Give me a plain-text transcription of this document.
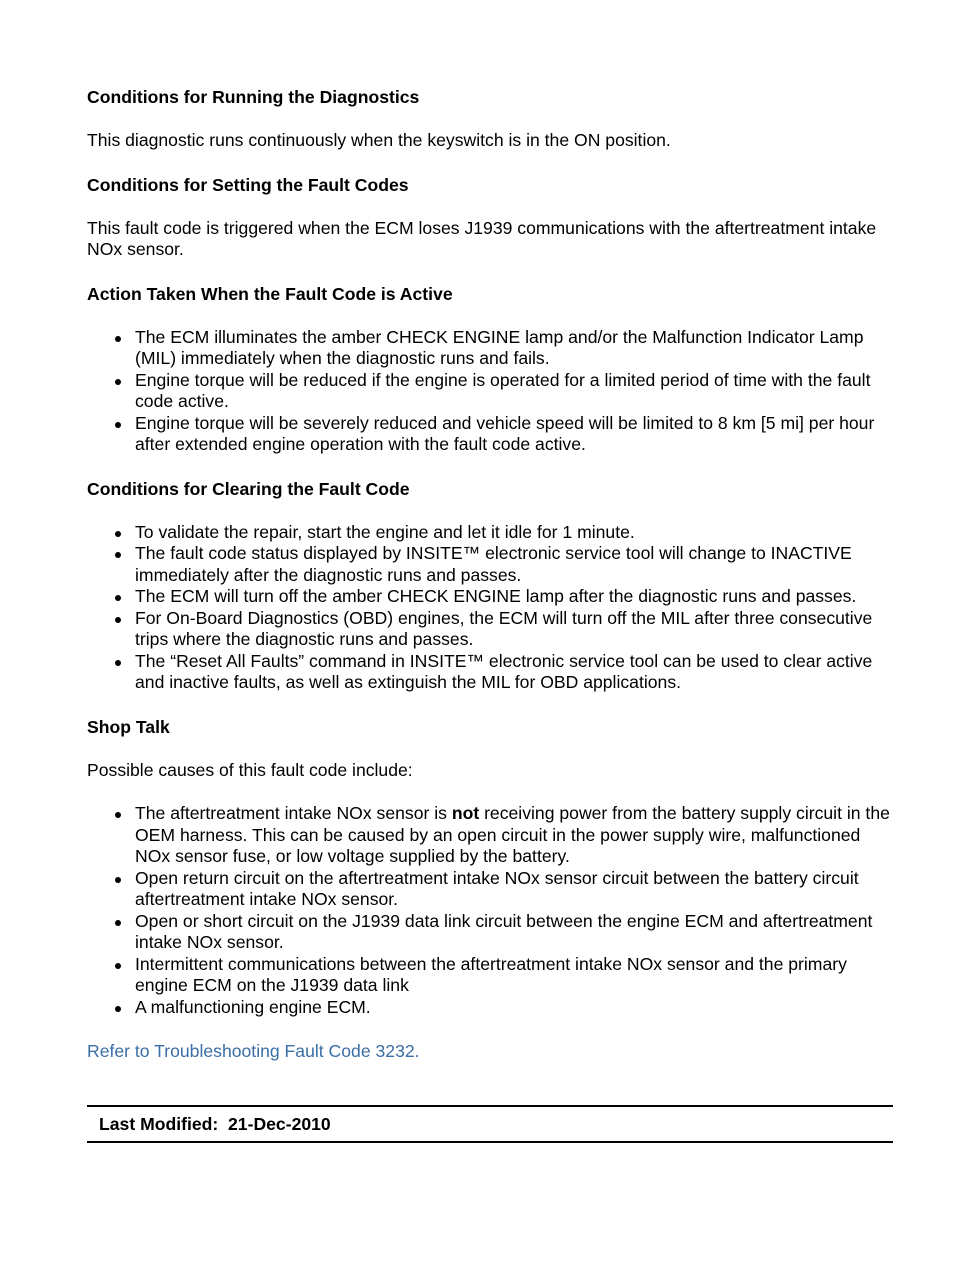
Conditions for Running the Diagnostics
This diagnostic runs continuously when the keyswitch is in the ON position.
Conditions for Setting the Fault Codes
This fault code is triggered when the ECM loses J1939 communications with the aftertreatment intake NOx sensor.
Action Taken When the Fault Code is Active
The ECM illuminates the amber CHECK ENGINE lamp and/or the Malfunction Indicator Lamp (MIL) immediately when the diagnostic runs and fails.
Engine torque will be reduced if the engine is operated for a limited period of time with the fault code active.
Engine torque will be severely reduced and vehicle speed will be limited to 8 km [5 mi] per hour after extended engine operation with the fault code active.
Conditions for Clearing the Fault Code
To validate the repair, start the engine and let it idle for 1 minute.
The fault code status displayed by INSITE™ electronic service tool will change to INACTIVE immediately after the diagnostic runs and passes.
The ECM will turn off the amber CHECK ENGINE lamp after the diagnostic runs and passes.
For On-Board Diagnostics (OBD) engines, the ECM will turn off the MIL after three consecutive trips where the diagnostic runs and passes.
The “Reset All Faults” command in INSITE™ electronic service tool can be used to clear active and inactive faults, as well as extinguish the MIL for OBD applications.
Shop Talk
Possible causes of this fault code include:
The aftertreatment intake NOx sensor is not receiving power from the battery supply circuit in the OEM harness. This can be caused by an open circuit in the power supply wire, malfunctioned NOx sensor fuse, or low voltage supplied by the battery.
Open return circuit on the aftertreatment intake NOx sensor circuit between the battery circuit aftertreatment intake NOx sensor.
Open or short circuit on the J1939 data link circuit between the engine ECM and aftertreatment intake NOx sensor.
Intermittent communications between the aftertreatment intake NOx sensor and the primary engine ECM on the J1939 data link
A malfunctioning engine ECM.
Refer to Troubleshooting Fault Code 3232.
Last Modified:  21-Dec-2010
